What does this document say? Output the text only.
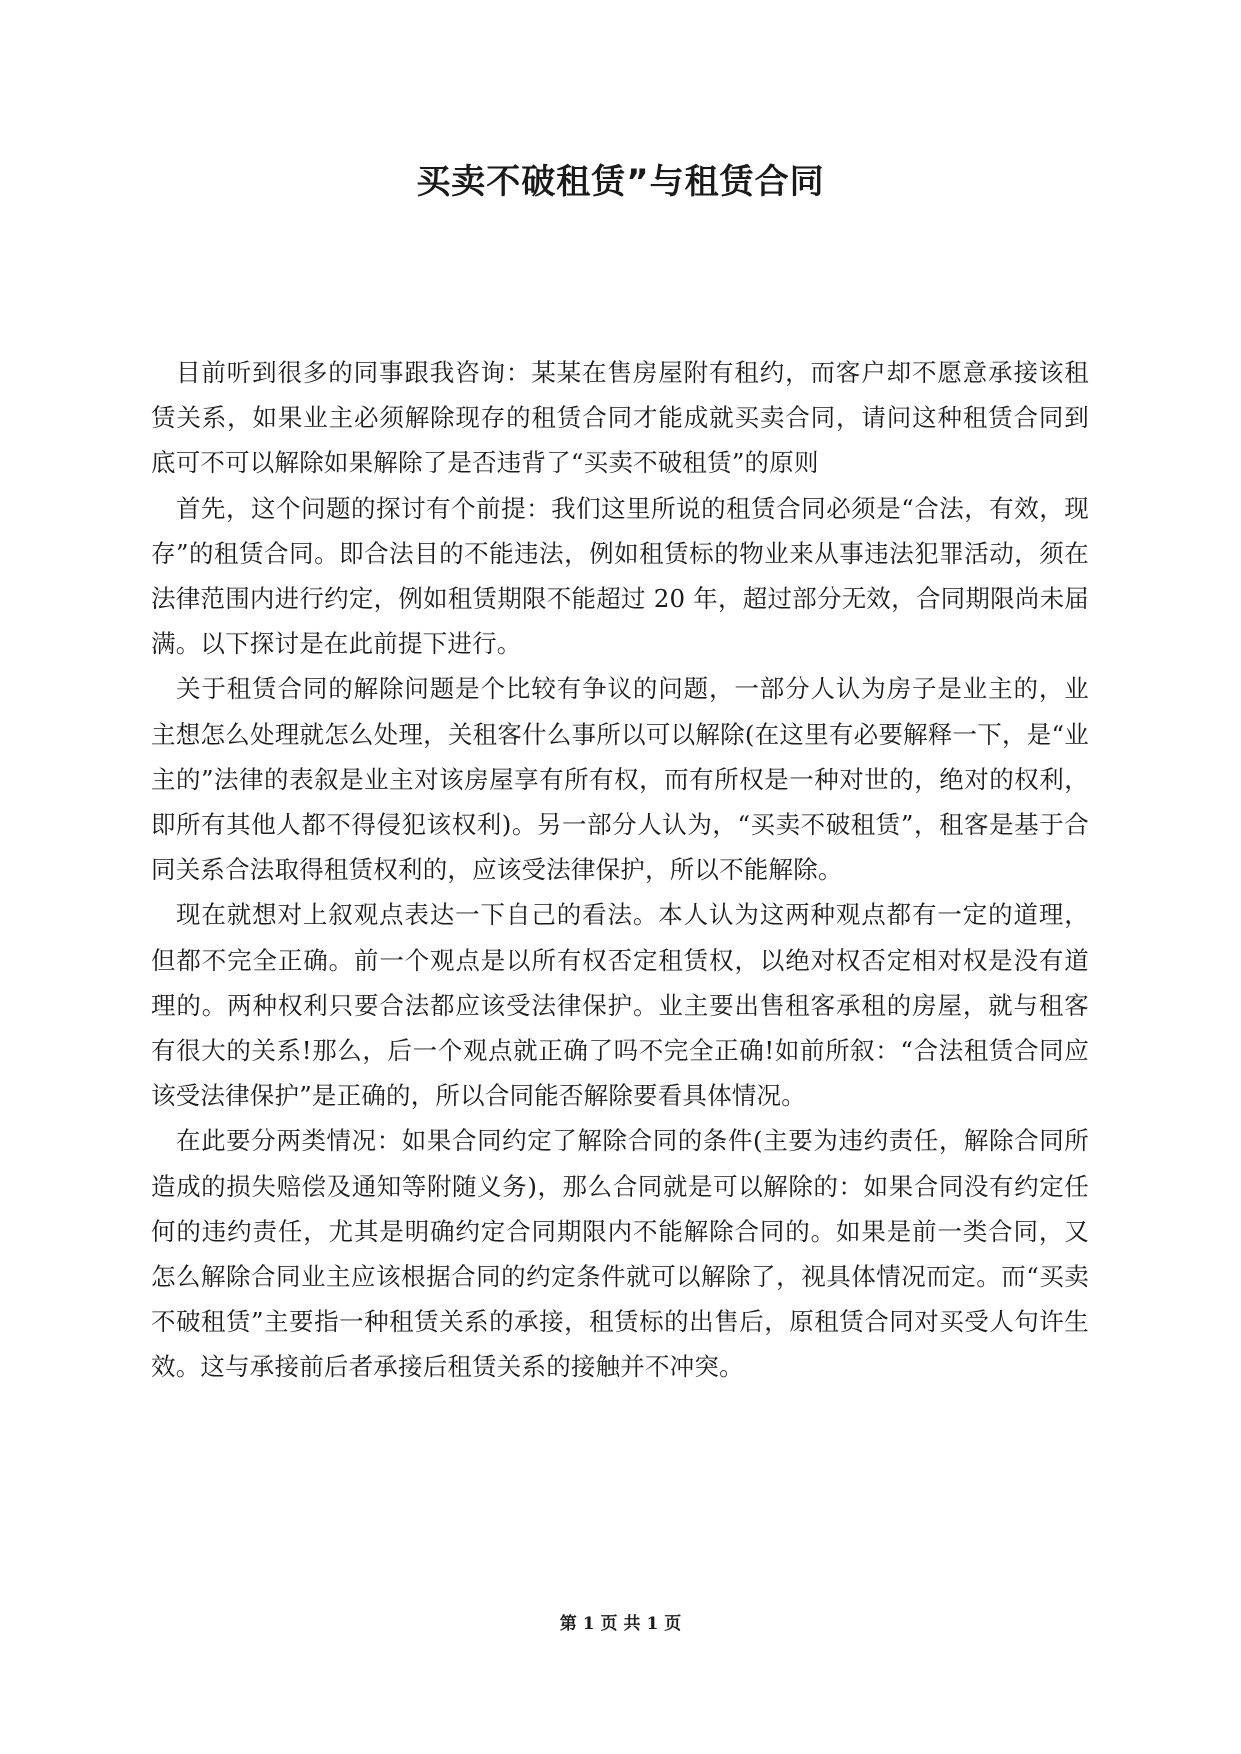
买卖不破租赁”与租赁合同

目前听到很多的同事跟我咨询：某某在售房屋附有租约，而客户却不愿意承接该租赁关系，如果业主必须解除现存的租赁合同才能成就买卖合同，请问这种租赁合同到底可不可以解除如果解除了是否违背了“买卖不破租赁”的原则

首先，这个问题的探讨有个前提：我们这里所说的租赁合同必须是“合法，有效，现存”的租赁合同。即合法目的不能违法，例如租赁标的物业来从事违法犯罪活动，须在法律范围内进行约定，例如租赁期限不能超过 20 年，超过部分无效，合同期限尚未届满。以下探讨是在此前提下进行。

关于租赁合同的解除问题是个比较有争议的问题，一部分人认为房子是业主的，业主想怎么处理就怎么处理，关租客什么事所以可以解除(在这里有必要解释一下，是“业主的”法律的表叙是业主对该房屋享有所有权，而有所权是一种对世的，绝对的权利，即所有其他人都不得侵犯该权利)。另一部分人认为，“买卖不破租赁”，租客是基于合同关系合法取得租赁权利的，应该受法律保护，所以不能解除。

现在就想对上叙观点表达一下自己的看法。本人认为这两种观点都有一定的道理，但都不完全正确。前一个观点是以所有权否定租赁权，以绝对权否定相对权是没有道理的。两种权利只要合法都应该受法律保护。业主要出售租客承租的房屋，就与租客有很大的关系!那么，后一个观点就正确了吗不完全正确!如前所叙：“合法租赁合同应该受法律保护”是正确的，所以合同能否解除要看具体情况。

在此要分两类情况：如果合同约定了解除合同的条件(主要为违约责任，解除合同所造成的损失赔偿及通知等附随义务)，那么合同就是可以解除的：如果合同没有约定任何的违约责任，尤其是明确约定合同期限内不能解除合同的。如果是前一类合同，又怎么解除合同业主应该根据合同的约定条件就可以解除了，视具体情况而定。而“买卖不破租赁”主要指一种租赁关系的承接，租赁标的出售后，原租赁合同对买受人句许生效。这与承接前后者承接后租赁关系的接触并不冲突。

第 1 页 共 1 页
